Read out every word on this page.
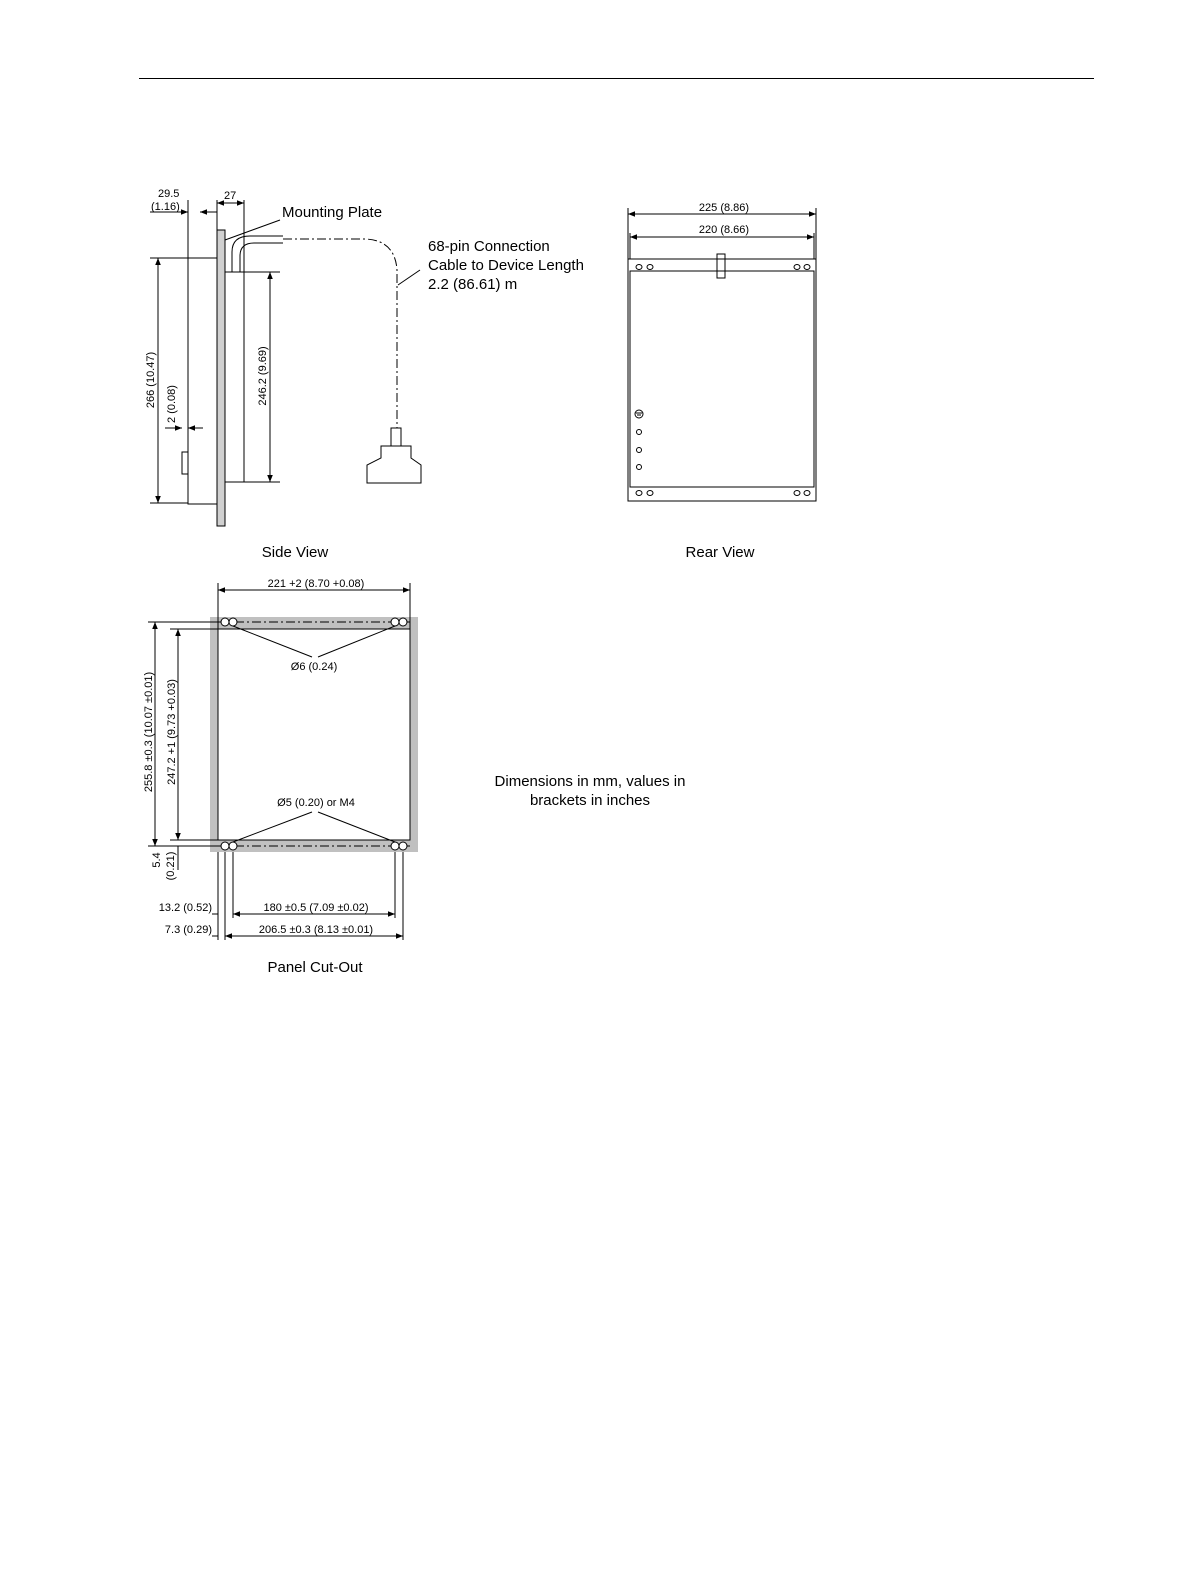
29.5
(1.16)
27
Mounting Plate
68-pin Connection
Cable to Device Length
2.2 (86.61) m
266 (10.47) 2 (0.08)	246.2 (9.69)
Side View
225 (8.86)
220 (8.66)
Rear View
221 +2 (8.70 +0.08)
Ø6 (0.24)
Ø5 (0.20) or M4
255.8 ±0.3 (10.07 ±0.01) 247.2 +1 (9.73 +0.03)
5.4 (0.21)
13.2 (0.52)	180 ±0.5 (7.09 ±0.02)
7.3 (0.29)	206.5 ±0.3 (8.13 ±0.01)
Panel Cut-Out
Dimensions in mm, values in
brackets in inches
